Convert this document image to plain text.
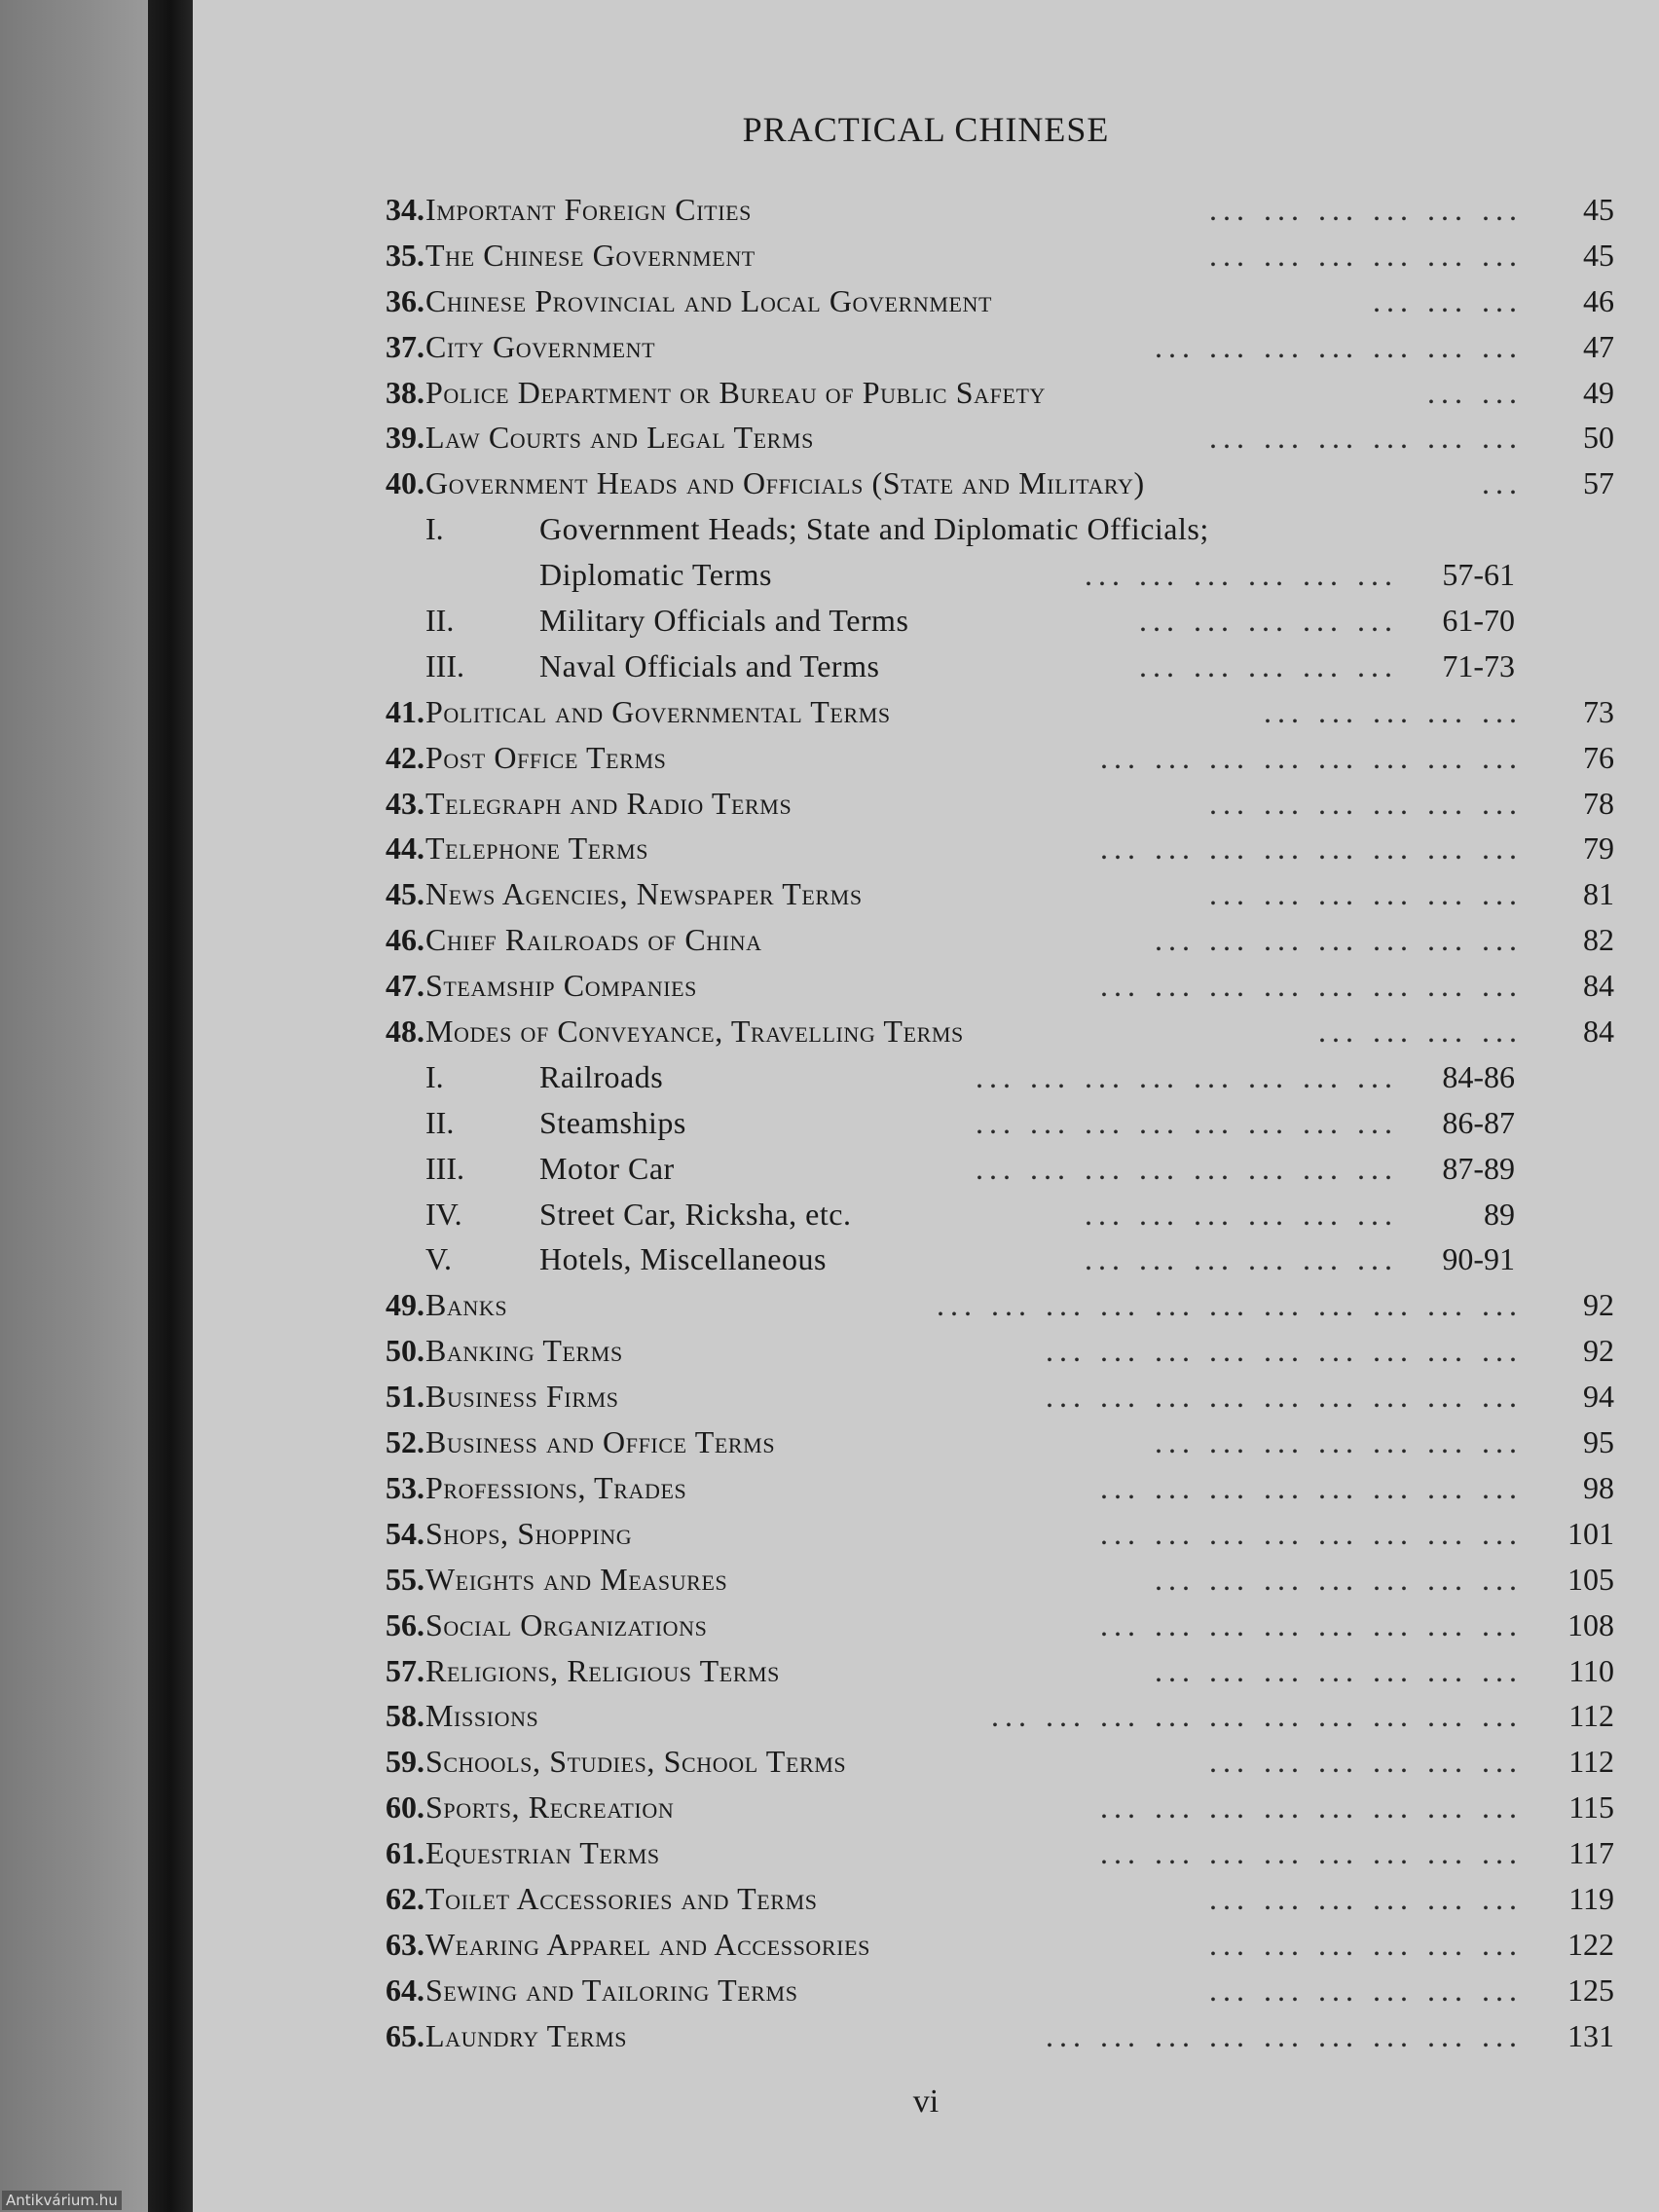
PRACTICAL CHINESE
34. Important Foreign Cities	... ... ... ... ... ... 45
35. The Chinese Government	... ... ... ... ... ... 45
36. Chinese Provincial and Local Government	... ... ... 46
37. City Government	... ... ... ... ... ... ... 47
38. Police Department or Bureau of Public Safety	... ... 49
39. Law Courts and Legal Terms	... ... ... ... ... ... 50
40. Government Heads and Officials (State and Military)	... 57
I.	Government Heads; State and Diplomatic Officials;
Diplomatic Terms	... ... ... ... ... ... 57-61
II.	Military Officials and Terms	... ... ... ... ... 61-70
III. Naval Officials and Terms	... ... ... ... ... 71-73
41. Political and Governmental Terms	... ... ... ... ... 73
42. Post Office Terms	... ... ... ... ... ... ... ... 76
43. Telegraph and Radio Terms	... ... ... ... ... ... 78
44. Telephone Terms	... ... ... ... ... ... ... ... 79
45. News Agencies, Newspaper Terms	... ... ... ... ... ... 81
46. Chief Railroads of China	... ... ... ... ... ... ... 82
47. Steamship Companies	... ... ... ... ... ... ... ... 84
48. Modes of Conveyance, Travelling Terms	... ... ... ... 84
I.	Railroads	... ... ... ... ... ... ... ... 84-86
II.	Steamships	... ... ... ... ... ... ... ... 86-87
III. Motor Car	... ... ... ... ... ... ... ... 87-89
IV. Street Car, Ricksha, etc.	... ... ... ... ... ...	89
V.	Hotels, Miscellaneous	... ... ... ... ... ... 90-91
49. Banks	... ... ... ... ... ... ... ... ... ... ... 92
50. Banking Terms	... ... ... ... ... ... ... ... ... 92
51. Business Firms	... ... ... ... ... ... ... ... ... 94
52. Business and Office Terms	... ... ... ... ... ... ... 95
53. Professions, Trades	... ... ... ... ... ... ... ... 98
54. Shops, Shopping	... ... ... ... ... ... ... ... 101
55. Weights and Measures	... ... ... ... ... ... ... 105
56. Social Organizations	... ... ... ... ... ... ... ... 108
57. Religions, Religious Terms	... ... ... ... ... ... ... 110
58. Missions	... ... ... ... ... ... ... ... ... ... 112
59. Schools, Studies, School Terms	... ... ... ... ... ... 112
60. Sports, Recreation	... ... ... ... ... ... ... ... 115
61. Equestrian Terms	... ... ... ... ... ... ... ... 117
62. Toilet Accessories and Terms	... ... ... ... ... ... 119
63. Wearing Apparel and Accessories	... ... ... ... ... ... 122
64. Sewing and Tailoring Terms	... ... ... ... ... ... 125
65. Laundry Terms	... ... ... ... ... ... ... ... ... 131
vi
Antikvárium.hu
